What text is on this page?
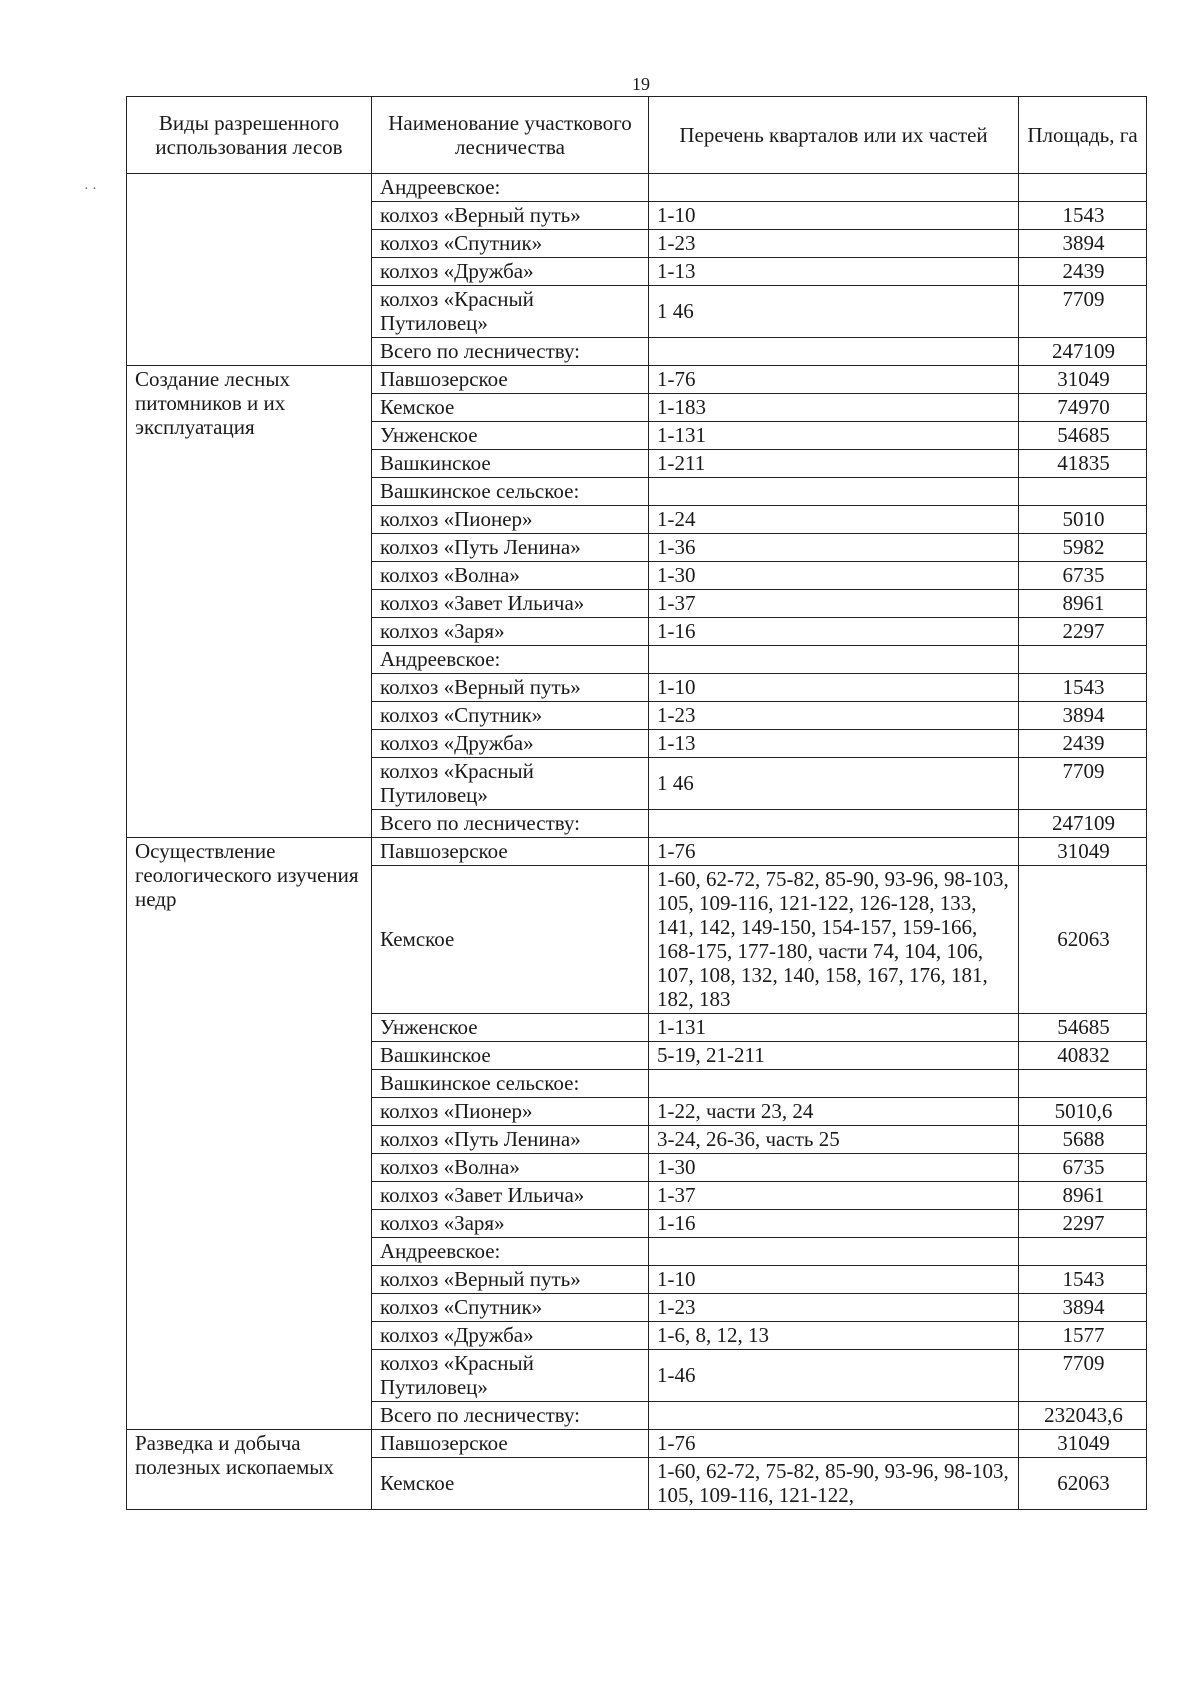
19
· ·
Виды разрешенного использования лесов	Наименование участкового лесничества	Перечень кварталов или их частей	Площадь, га
	Андреевское:		
	колхоз «Верный путь»	1-10	1543
	колхоз «Спутник»	1-23	3894
	колхоз «Дружба»	1-13	2439
	колхоз «Красный Путиловец»	1 46	7709
	Всего по лесничеству:		247109
Создание лесных питомников и их эксплуатация	Павшозерское	1-76	31049
	Кемское	1-183	74970
	Унженское	1-131	54685
	Вашкинское	1-211	41835
	Вашкинское сельское:		
	колхоз «Пионер»	1-24	5010
	колхоз «Путь Ленина»	1-36	5982
	колхоз «Волна»	1-30	6735
	колхоз «Завет Ильича»	1-37	8961
	колхоз «Заря»	1-16	2297
	Андреевское:		
	колхоз «Верный путь»	1-10	1543
	колхоз «Спутник»	1-23	3894
	колхоз «Дружба»	1-13	2439
	колхоз «Красный Путиловец»	1 46	7709
	Всего по лесничеству:		247109
Осуществление геологического изучения недр	Павшозерское	1-76	31049
	Кемское	1-60, 62-72, 75-82, 85-90, 93-96, 98-103, 105, 109-116, 121-122, 126-128, 133, 141, 142, 149-150, 154-157, 159-166, 168-175, 177-180, части 74, 104, 106, 107, 108, 132, 140, 158, 167, 176, 181, 182, 183	62063
	Унженское	1-131	54685
	Вашкинское	5-19, 21-211	40832
	Вашкинское сельское:		
	колхоз «Пионер»	1-22, части 23, 24	5010,6
	колхоз «Путь Ленина»	3-24, 26-36, часть 25	5688
	колхоз «Волна»	1-30	6735
	колхоз «Завет Ильича»	1-37	8961
	колхоз «Заря»	1-16	2297
	Андреевское:		
	колхоз «Верный путь»	1-10	1543
	колхоз «Спутник»	1-23	3894
	колхоз «Дружба»	1-6, 8, 12, 13	1577
	колхоз «Красный Путиловец»	1-46	7709
	Всего по лесничеству:		232043,6
Разведка и добыча полезных ископаемых	Павшозерское	1-76	31049
	Кемское	1-60, 62-72, 75-82, 85-90, 93-96, 98-103, 105, 109-116, 121-122,	62063
